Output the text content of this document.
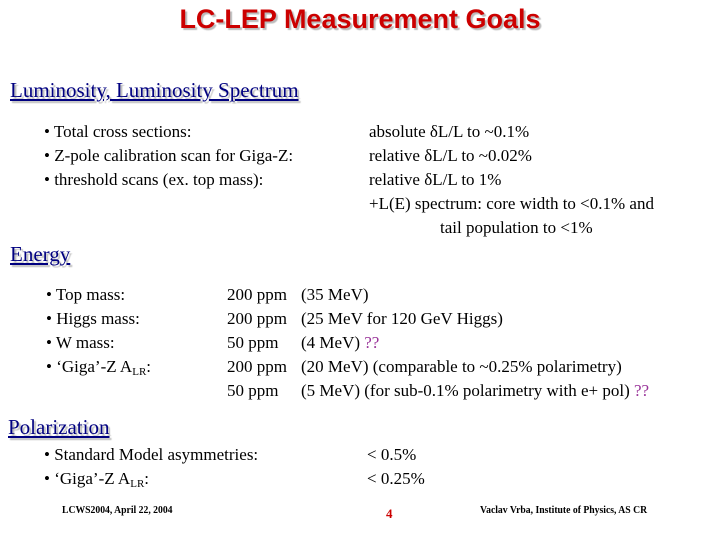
LC-LEP Measurement Goals
Luminosity, Luminosity Spectrum
• Total cross sections:
• Z-pole calibration scan for Giga-Z:
• threshold scans (ex. top mass):
absolute δL/L to ~0.1%
relative δL/L to ~0.02%
relative δL/L to 1%
+L(E) spectrum: core width to <0.1% and
tail population to <1%
Energy
• Top mass:
• Higgs mass:
• W mass:
• ‘Giga’-Z $A_{LR}$:
200 ppm
200 ppm
50 ppm
200 ppm
50 ppm
(35 MeV)
(25 MeV for 120 GeV Higgs)
(4 MeV) ??
(20 MeV) (comparable to ~0.25% polarimetry)
(5 MeV) (for sub-0.1% polarimetry with e+ pol) ??
Polarization
• Standard Model asymmetries:
• ‘Giga’-Z $A_{LR}$:
< 0.5%
< 0.25%
LCWS2004, April 22, 2004	4	Vaclav Vrba, Institute of Physics, AS CR
